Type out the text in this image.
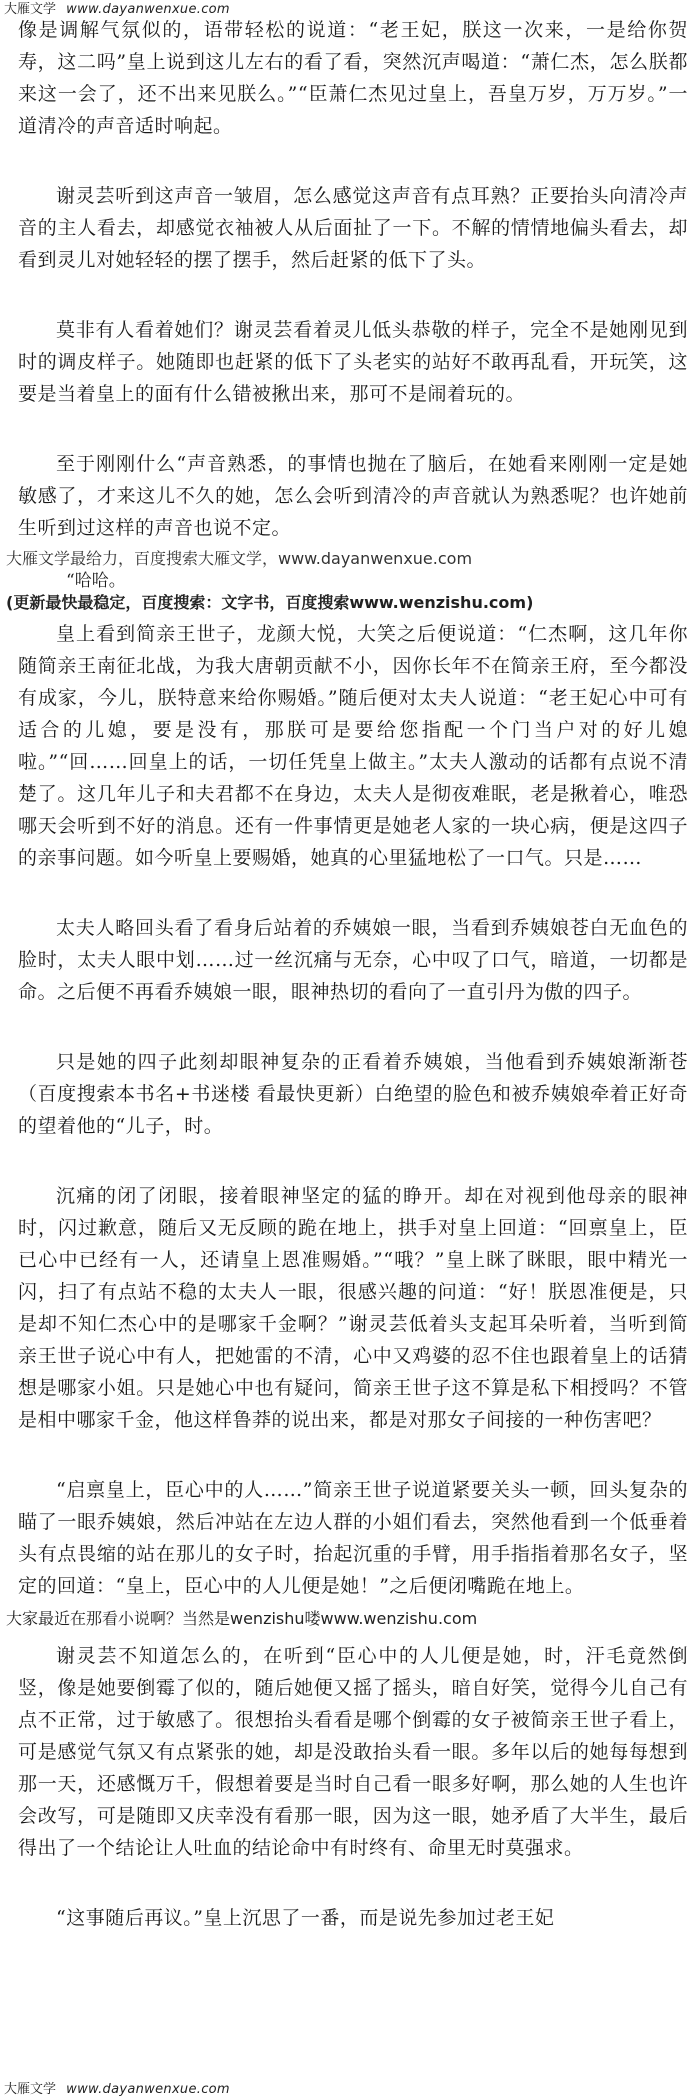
大雁文学 www.dayanwenxue.com

像是调解气氛似的，语带轻松的说道：“老王妃，朕这一次来，一是给你贺寿，这二吗”皇上说到这儿左右的看了看，突然沉声喝道：“萧仁杰，怎么朕都来这一会了，还不出来见朕么。”“臣萧仁杰见过皇上，吾皇万岁，万万岁。”一道清冷的声音适时响起。

谢灵芸听到这声音一皱眉，怎么感觉这声音有点耳熟？正要抬头向清冷声音的主人看去，却感觉衣袖被人从后面扯了一下。不解的情情地偏头看去，却看到灵儿对她轻轻的摆了摆手，然后赶紧的低下了头。

莫非有人看着她们？谢灵芸看着灵儿低头恭敬的样子，完全不是她刚见到时的调皮样子。她随即也赶紧的低下了头老实的站好不敢再乱看，开玩笑，这要是当着皇上的面有什么错被揪出来，那可不是闹着玩的。

至于刚刚什么“声音熟悉，的事情也抛在了脑后，在她看来刚刚一定是她敏感了，才来这儿不久的她，怎么会听到清冷的声音就认为熟悉呢？也许她前生听到过这样的声音也说不定。

大雁文学最给力，百度搜索大雁文学，www.dayanwenxue.com
“哈哈。
(更新最快最稳定，百度搜索：文字书，百度搜索www.wenzishu.com)

皇上看到简亲王世子，龙颜大悦，大笑之后便说道：“仁杰啊，这几年你随简亲王南征北战，为我大唐朝贡献不小，因你长年不在简亲王府，至今都没有成家，今儿，朕特意来给你赐婚。”随后便对太夫人说道：“老王妃心中可有适合的儿媳，要是没有，那朕可是要给您指配一个门当户对的好儿媳啦。”“回……回皇上的话，一切任凭皇上做主。”太夫人激动的话都有点说不清楚了。这几年儿子和夫君都不在身边，太夫人是彻夜难眠，老是揪着心，唯恐哪天会听到不好的消息。还有一件事情更是她老人家的一块心病，便是这四子的亲事问题。如今听皇上要赐婚，她真的心里猛地松了一口气。只是……

太夫人略回头看了看身后站着的乔姨娘一眼，当看到乔姨娘苍白无血色的脸时，太夫人眼中划……过一丝沉痛与无奈，心中叹了口气，暗道，一切都是命。之后便不再看乔姨娘一眼，眼神热切的看向了一直引丹为傲的四子。

只是她的四子此刻却眼神复杂的正看着乔姨娘，当他看到乔姨娘渐渐苍（百度搜索本书名+书迷楼 看最快更新）白绝望的脸色和被乔姨娘牵着正好奇的望着他的“儿子，时。

沉痛的闭了闭眼，接着眼神坚定的猛的睁开。却在对视到他母亲的眼神时，闪过歉意，随后又无反顾的跪在地上，拱手对皇上回道：“回禀皇上，臣已心中已经有一人，还请皇上恩准赐婚。”“哦？”皇上眯了眯眼，眼中精光一闪，扫了有点站不稳的太夫人一眼，很感兴趣的问道：“好！朕恩准便是，只是却不知仁杰心中的是哪家千金啊？”谢灵芸低着头支起耳朵听着，当听到简亲王世子说心中有人，把她雷的不清，心中又鸡婆的忍不住也跟着皇上的话猜想是哪家小姐。只是她心中也有疑问，简亲王世子这不算是私下相授吗？不管是相中哪家千金，他这样鲁莽的说出来，都是对那女子间接的一种伤害吧？

“启禀皇上，臣心中的人……”简亲王世子说道紧要关头一顿，回头复杂的瞄了一眼乔姨娘，然后冲站在左边人群的小姐们看去，突然他看到一个低垂着头有点畏缩的站在那儿的女子时，抬起沉重的手臂，用手指指着那名女子，坚定的回道：“皇上，臣心中的人儿便是她！”之后便闭嘴跪在地上。

大家最近在那看小说啊？当然是wenzishu喽www.wenzishu.com

谢灵芸不知道怎么的，在听到“臣心中的人儿便是她，时，汗毛竟然倒竖，像是她要倒霉了似的，随后她便又摇了摇头，暗自好笑，觉得今儿自己有点不正常，过于敏感了。很想抬头看看是哪个倒霉的女子被简亲王世子看上，可是感觉气氛又有点紧张的她，却是没敢抬头看一眼。多年以后的她每每想到那一天，还感慨万千，假想着要是当时自己看一眼多好啊，那么她的人生也许会改写，可是随即又庆幸没有看那一眼，因为这一眼，她矛盾了大半生，最后得出了一个结论让人吐血的结论命中有时终有、命里无时莫强求。

“这事随后再议。”皇上沉思了一番，而是说先参加过老王妃

大雁文学 www.dayanwenxue.com
